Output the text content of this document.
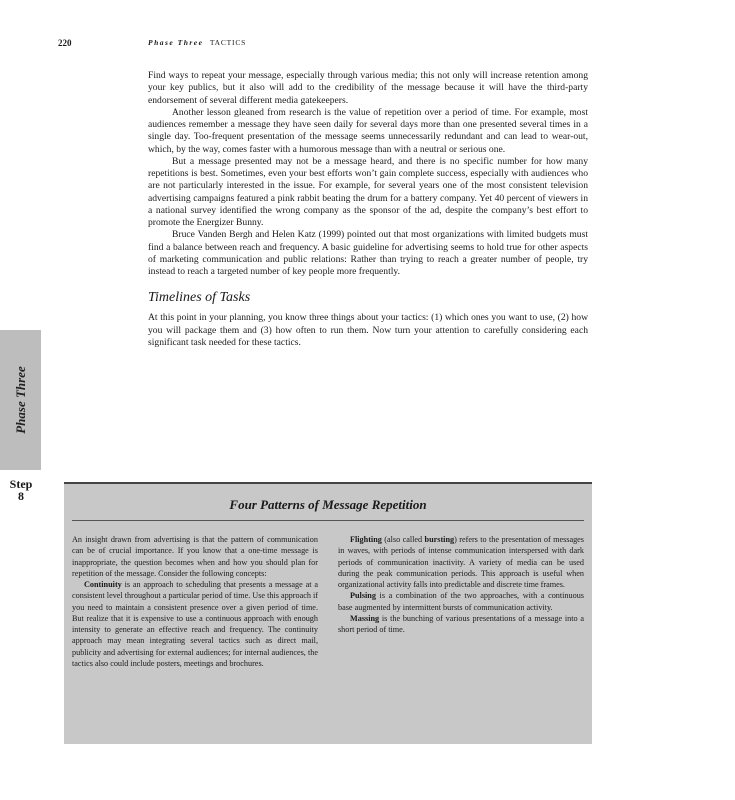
220	Phase Three TACTICS

Find ways to repeat your message, especially through various media; this not only will increase retention among your key publics, but it also will add to the credibility of the message because it will have the third-party endorsement of several different media gatekeepers.

Another lesson gleaned from research is the value of repetition over a period of time. For example, most audiences remember a message they have seen daily for several days more than one presented several times in a single day. Too-frequent presentation of the message seems unnecessarily redundant and can lead to wear-out, which, by the way, comes faster with a humorous message than with a neutral or serious one.

But a message presented may not be a message heard, and there is no specific number for how many repetitions is best. Sometimes, even your best efforts won’t gain complete success, especially with audiences who are not particularly interested in the issue. For example, for several years one of the most consistent television advertising campaigns featured a pink rabbit beating the drum for a battery company. Yet 40 percent of viewers in a national survey identified the wrong company as the sponsor of the ad, despite the company’s best effort to promote the Energizer Bunny.

Bruce Vanden Bergh and Helen Katz (1999) pointed out that most organizations with limited budgets must find a balance between reach and frequency. A basic guideline for advertising seems to hold true for other aspects of marketing communication and public relations: Rather than trying to reach a greater number of people, try instead to reach a targeted number of key people more frequently.

Timelines of Tasks

At this point in your planning, you know three things about your tactics: (1) which ones you want to use, (2) how you will package them and (3) how often to run them. Now turn your attention to carefully considering each significant task needed for these tactics.

Phase Three
Step
8
Four Patterns of Message Repetition

An insight drawn from advertising is that the pattern of communication can be of crucial importance. If you know that a one-time message is inappropriate, the question becomes when and how you should plan for repetition of the message. Consider the following concepts:

Continuity is an approach to scheduling that presents a message at a consistent level throughout a particular period of time. Use this approach if you need to maintain a consistent presence over a given period of time. But realize that it is expensive to use a continuous approach with enough intensity to generate an effective reach and frequency. The continuity approach may mean integrating several tactics such as direct mail, publicity and advertising for external audiences; for internal audiences, the tactics also could include posters, meetings and brochures.

Flighting (also called bursting) refers to the presentation of messages in waves, with periods of intense communication interspersed with dark periods of communication inactivity. A variety of media can be used during the peak communication periods. This approach is useful when organizational activity falls into predictable and discrete time frames.

Pulsing is a combination of the two approaches, with a continuous base augmented by intermittent bursts of communication activity.

Massing is the bunching of various presentations of a message into a short period of time.
